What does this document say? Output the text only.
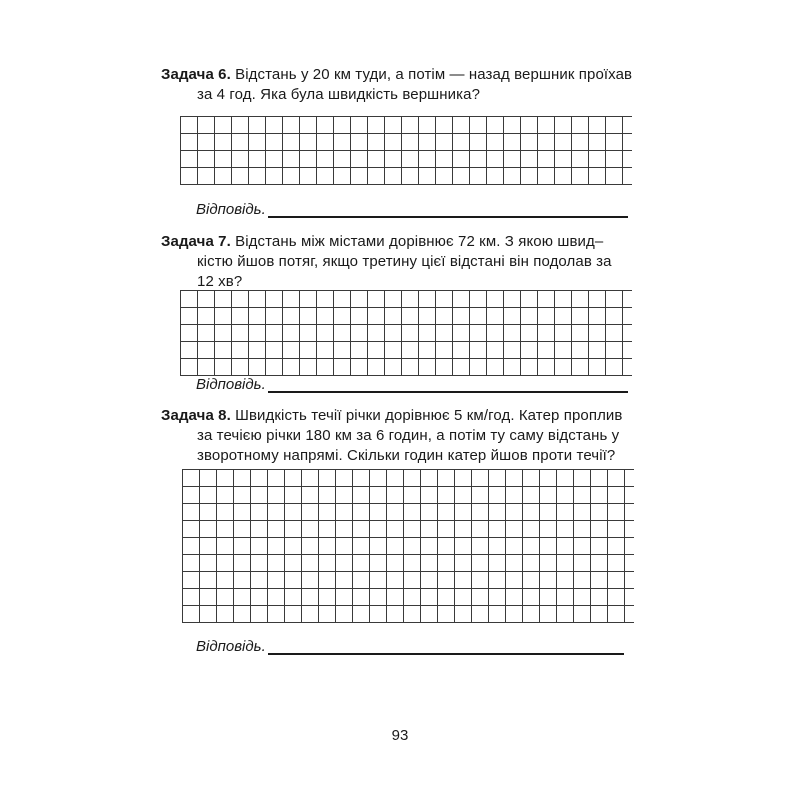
Задача 6. Відстань у 20 км туди, а потім — назад вершник проїхав
за 4 год. Яка була швидкість вершника?
Відповідь.
Задача 7. Відстань між містами дорівнює 72 км. З якою швид–
кістю йшов потяг, якщо третину цієї відстані він подолав за
12 хв?
Відповідь.
Задача 8. Швидкість течії річки дорівнює 5 км/год. Катер проплив
за течією річки 180 км за 6 годин, а потім ту саму відстань у
зворотному напрямі. Скільки годин катер йшов проти течії?
Відповідь.
93
